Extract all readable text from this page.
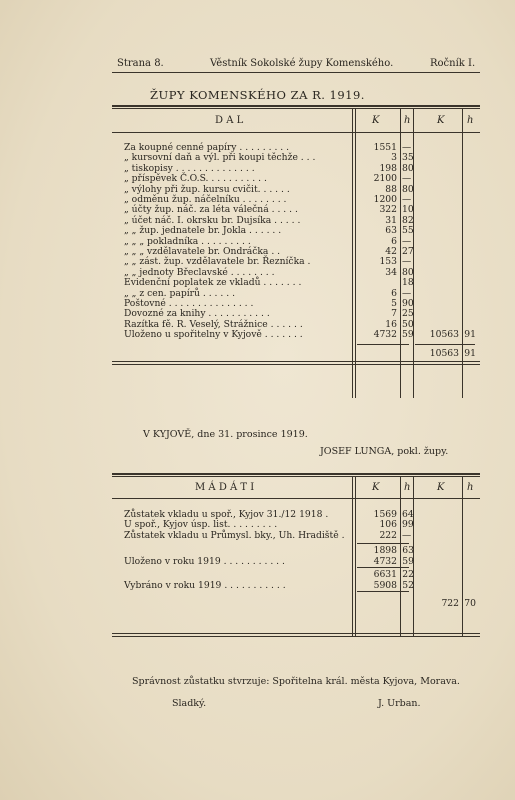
Strana 8.	Věstník Sokolské župy Komenského.	Ročník I.
ŽUPY KOMENSKÉHO ZA R. 1919.
D A L	K h	K h
Za koupné cenné papíry . . . . . . . . .	1551 —
„ kursovní daň a výl. při koupi těchže . . .	3 35
„ tiskopisy . . . . . . . . . . . . . .	198 80
„ příspěvek Č.O.S. . . . . . . . . . .	2100 —
„ výlohy při žup. kursu cvičit. . . . . .	88 80
„ odměnu žup. náčelníku . . . . . . . .	1200 —
„ účty žup. náč. za léta válečná . . . . .	322 10
„ účet náč. I. okrsku br. Dujsíka . . . . .	31 82
„ „ žup. jednatele br. Jokla . . . . . .	63 55
„ „ „ pokladníka . . . . . . . . .	6 —
„ „ „ vzdělavatele br. Ondráčka . .	42 27
„ „ zást. žup. vzdělavatele br. Řezníčka .	153 —
„ „ jednoty Břeclavské . . . . . . . .	34 80
Evidenční poplatek ze vkladů . . . . . . .	18
„ „ z cen. papírů . . . . . .	6 —
Poštovné . . . . . . . . . . . . . . .	5 90
Dovozné za knihy . . . . . . . . . . .	7 25
Razítka fě. R. Veselý, Strážnice . . . . . .	16 50
Uloženo u spořitelny v Kyjově . . . . . . .	4732 59	10563 91
10563 91
V KYJOVĚ, dne 31. prosince 1919.
JOSEF LUNGA, pokl. župy.
M Á D Á T I	K h	K h
Zůstatek vkladu u spoř., Kyjov 31./12 1918 .	1569 64
U spoř., Kyjov úsp. list. . . . . . . . .	106 99
Zůstatek vkladu u Průmysl. bky., Uh. Hradiště .	222 —
1898 63
Uloženo v roku 1919 . . . . . . . . . . .	4732 59
6631 22
Vybráno v roku 1919 . . . . . . . . . . .	5908 52
722 70
Správnost zůstatku stvrzuje: Spořitelna král. města Kyjova, Morava.
Sladký.	J. Urban.
